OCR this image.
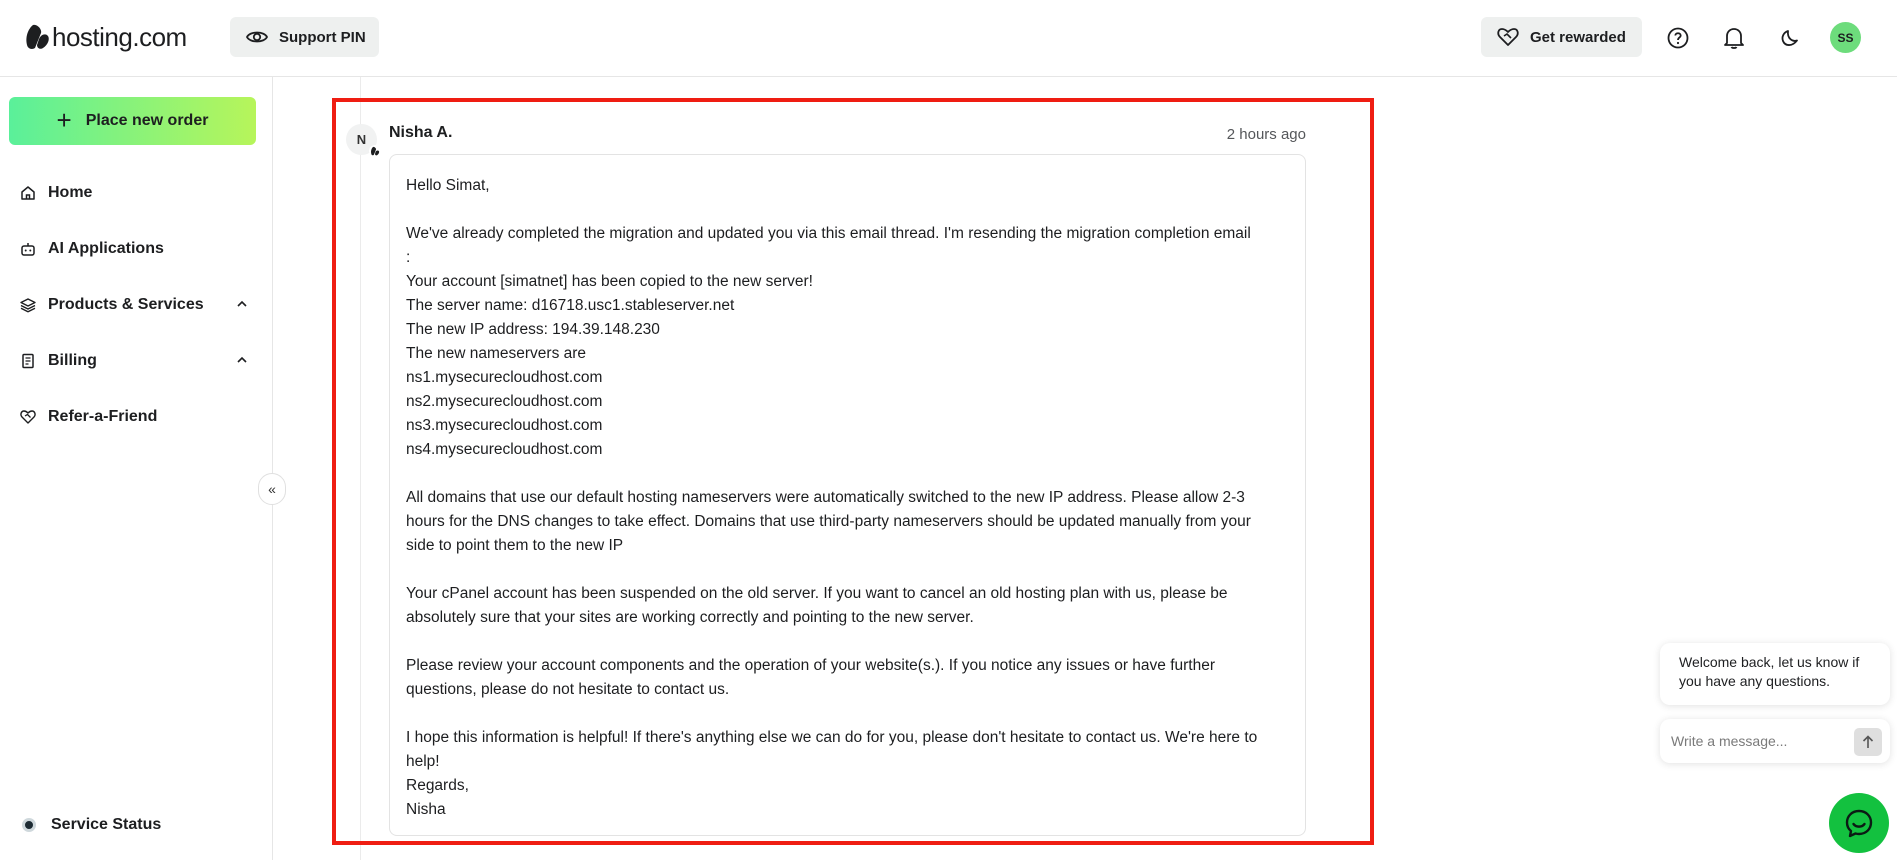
hosting.com	Support PIN	Get rewarded	SS
+ Place new order
Home
AI Applications
Products & Services
Billing
Refer-a-Friend
Service Status
«
N	Nisha A.	2 hours ago

Hello Simat,

We've already completed the migration and updated you via this email thread. I'm resending the migration completion email

:

Your account [simatnet] has been copied to the new server!

The server name: d16718.usc1.stableserver.net

The new IP address: 194.39.148.230

The new nameservers are

ns1.mysecurecloudhost.com

ns2.mysecurecloudhost.com

ns3.mysecurecloudhost.com

ns4.mysecurecloudhost.com

All domains that use our default hosting nameservers were automatically switched to the new IP address. Please allow 2-3

hours for the DNS changes to take effect. Domains that use third-party nameservers should be updated manually from your

side to point them to the new IP

Your cPanel account has been suspended on the old server. If you want to cancel an old hosting plan with us, please be

absolutely sure that your sites are working correctly and pointing to the new server.

Please review your account components and the operation of your website(s.). If you notice any issues or have further

questions, please do not hesitate to contact us.

I hope this information is helpful! If there's anything else we can do for you, please don't hesitate to contact us. We're here to

help!

Regards,

Nisha

Welcome back, let us know if you have any questions.
Write a message...
